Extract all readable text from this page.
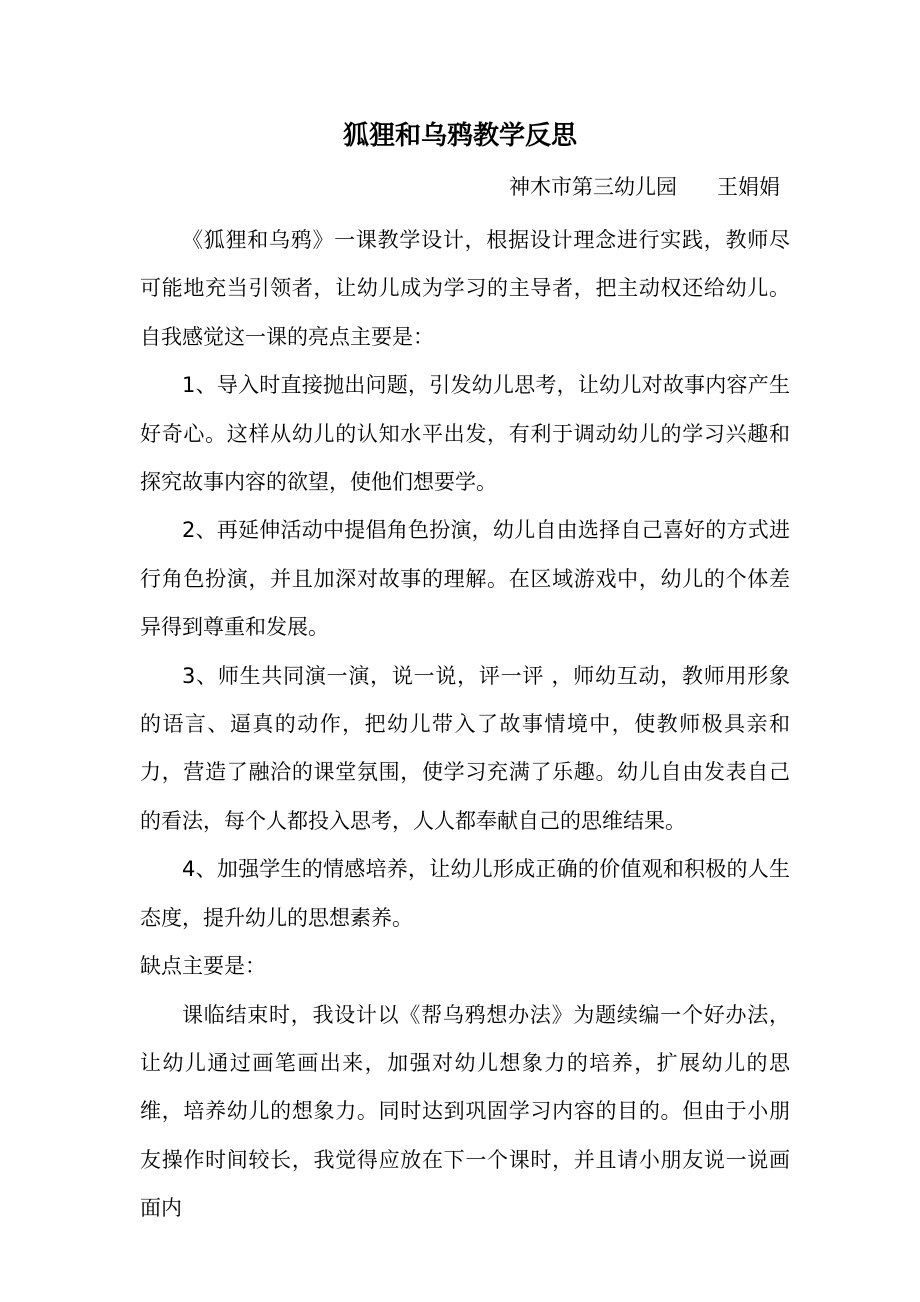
狐狸和乌鸦教学反思
神木市第三幼儿园 王娟娟

《狐狸和乌鸦》一课教学设计，根据设计理念进行实践，教师尽可能地充当引领者，让幼儿成为学习的主导者，把主动权还给幼儿。自我感觉这一课的亮点主要是：

1、导入时直接抛出问题，引发幼儿思考，让幼儿对故事内容产生好奇心。这样从幼儿的认知水平出发，有利于调动幼儿的学习兴趣和探究故事内容的欲望，使他们想要学。

2、再延伸活动中提倡角色扮演，幼儿自由选择自己喜好的方式进行角色扮演，并且加深对故事的理解。在区域游戏中，幼儿的个体差异得到尊重和发展。

3、师生共同演一演，说一说，评一评 ，师幼互动，教师用形象的语言、逼真的动作，把幼儿带入了故事情境中，使教师极具亲和力，营造了融洽的课堂氛围，使学习充满了乐趣。幼儿自由发表自己的看法，每个人都投入思考，人人都奉献自己的思维结果。

4、加强学生的情感培养，让幼儿形成正确的价值观和积极的人生态度，提升幼儿的思想素养。

缺点主要是：

课临结束时，我设计以《帮乌鸦想办法》为题续编一个好办法，让幼儿通过画笔画出来，加强对幼儿想象力的培养，扩展幼儿的思维，培养幼儿的想象力。同时达到巩固学习内容的目的。但由于小朋友操作时间较长，我觉得应放在下一个课时，并且请小朋友说一说画面内
